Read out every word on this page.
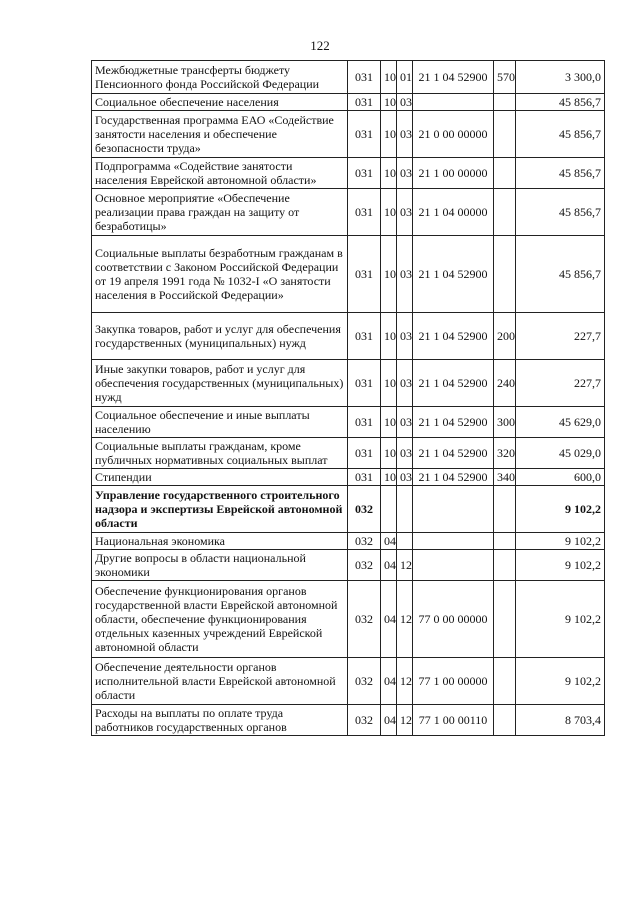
122
Межбюджетные трансферты бюджету Пенсионного фонда Российской Федерации	031	10	01	21 1 04 52900	570	3 300,0
Социальное обеспечение населения	031	10	03			45 856,7
Государственная программа ЕАО «Содействие занятости населения и обеспечение безопасности труда»	031	10	03	21 0 00 00000		45 856,7
Подпрограмма «Содействие занятости населения Еврейской автономной области»	031	10	03	21 1 00 00000		45 856,7
Основное мероприятие «Обеспечение реализации права граждан на защиту от безработицы»	031	10	03	21 1 04 00000		45 856,7
Социальные выплаты безработным гражданам в соответствии с Законом Российской Федерации от 19 апреля 1991 года № 1032-I «О занятости населения в Российской Федерации»	031	10	03	21 1 04 52900		45 856,7
Закупка товаров, работ и услуг для обеспечения государственных (муниципальных) нужд	031	10	03	21 1 04 52900	200	227,7
Иные закупки товаров, работ и услуг для обеспечения государственных (муниципальных) нужд	031	10	03	21 1 04 52900	240	227,7
Социальное обеспечение и иные выплаты населению	031	10	03	21 1 04 52900	300	45 629,0
Социальные выплаты гражданам, кроме публичных нормативных социальных выплат	031	10	03	21 1 04 52900	320	45 029,0
Стипендии	031	10	03	21 1 04 52900	340	600,0
Управление государственного строительного надзора и экспертизы Еврейской автономной области	032					9 102,2
Национальная экономика	032	04				9 102,2
Другие вопросы в области национальной экономики	032	04	12			9 102,2
Обеспечение функционирования органов государственной власти Еврейской автономной области, обеспечение функционирования отдельных казенных учреждений Еврейской автономной области	032	04	12	77 0 00 00000		9 102,2
Обеспечение деятельности органов исполнительной власти Еврейской автономной области	032	04	12	77 1 00 00000		9 102,2
Расходы на выплаты по оплате труда работников государственных органов	032	04	12	77 1 00 00110		8 703,4
